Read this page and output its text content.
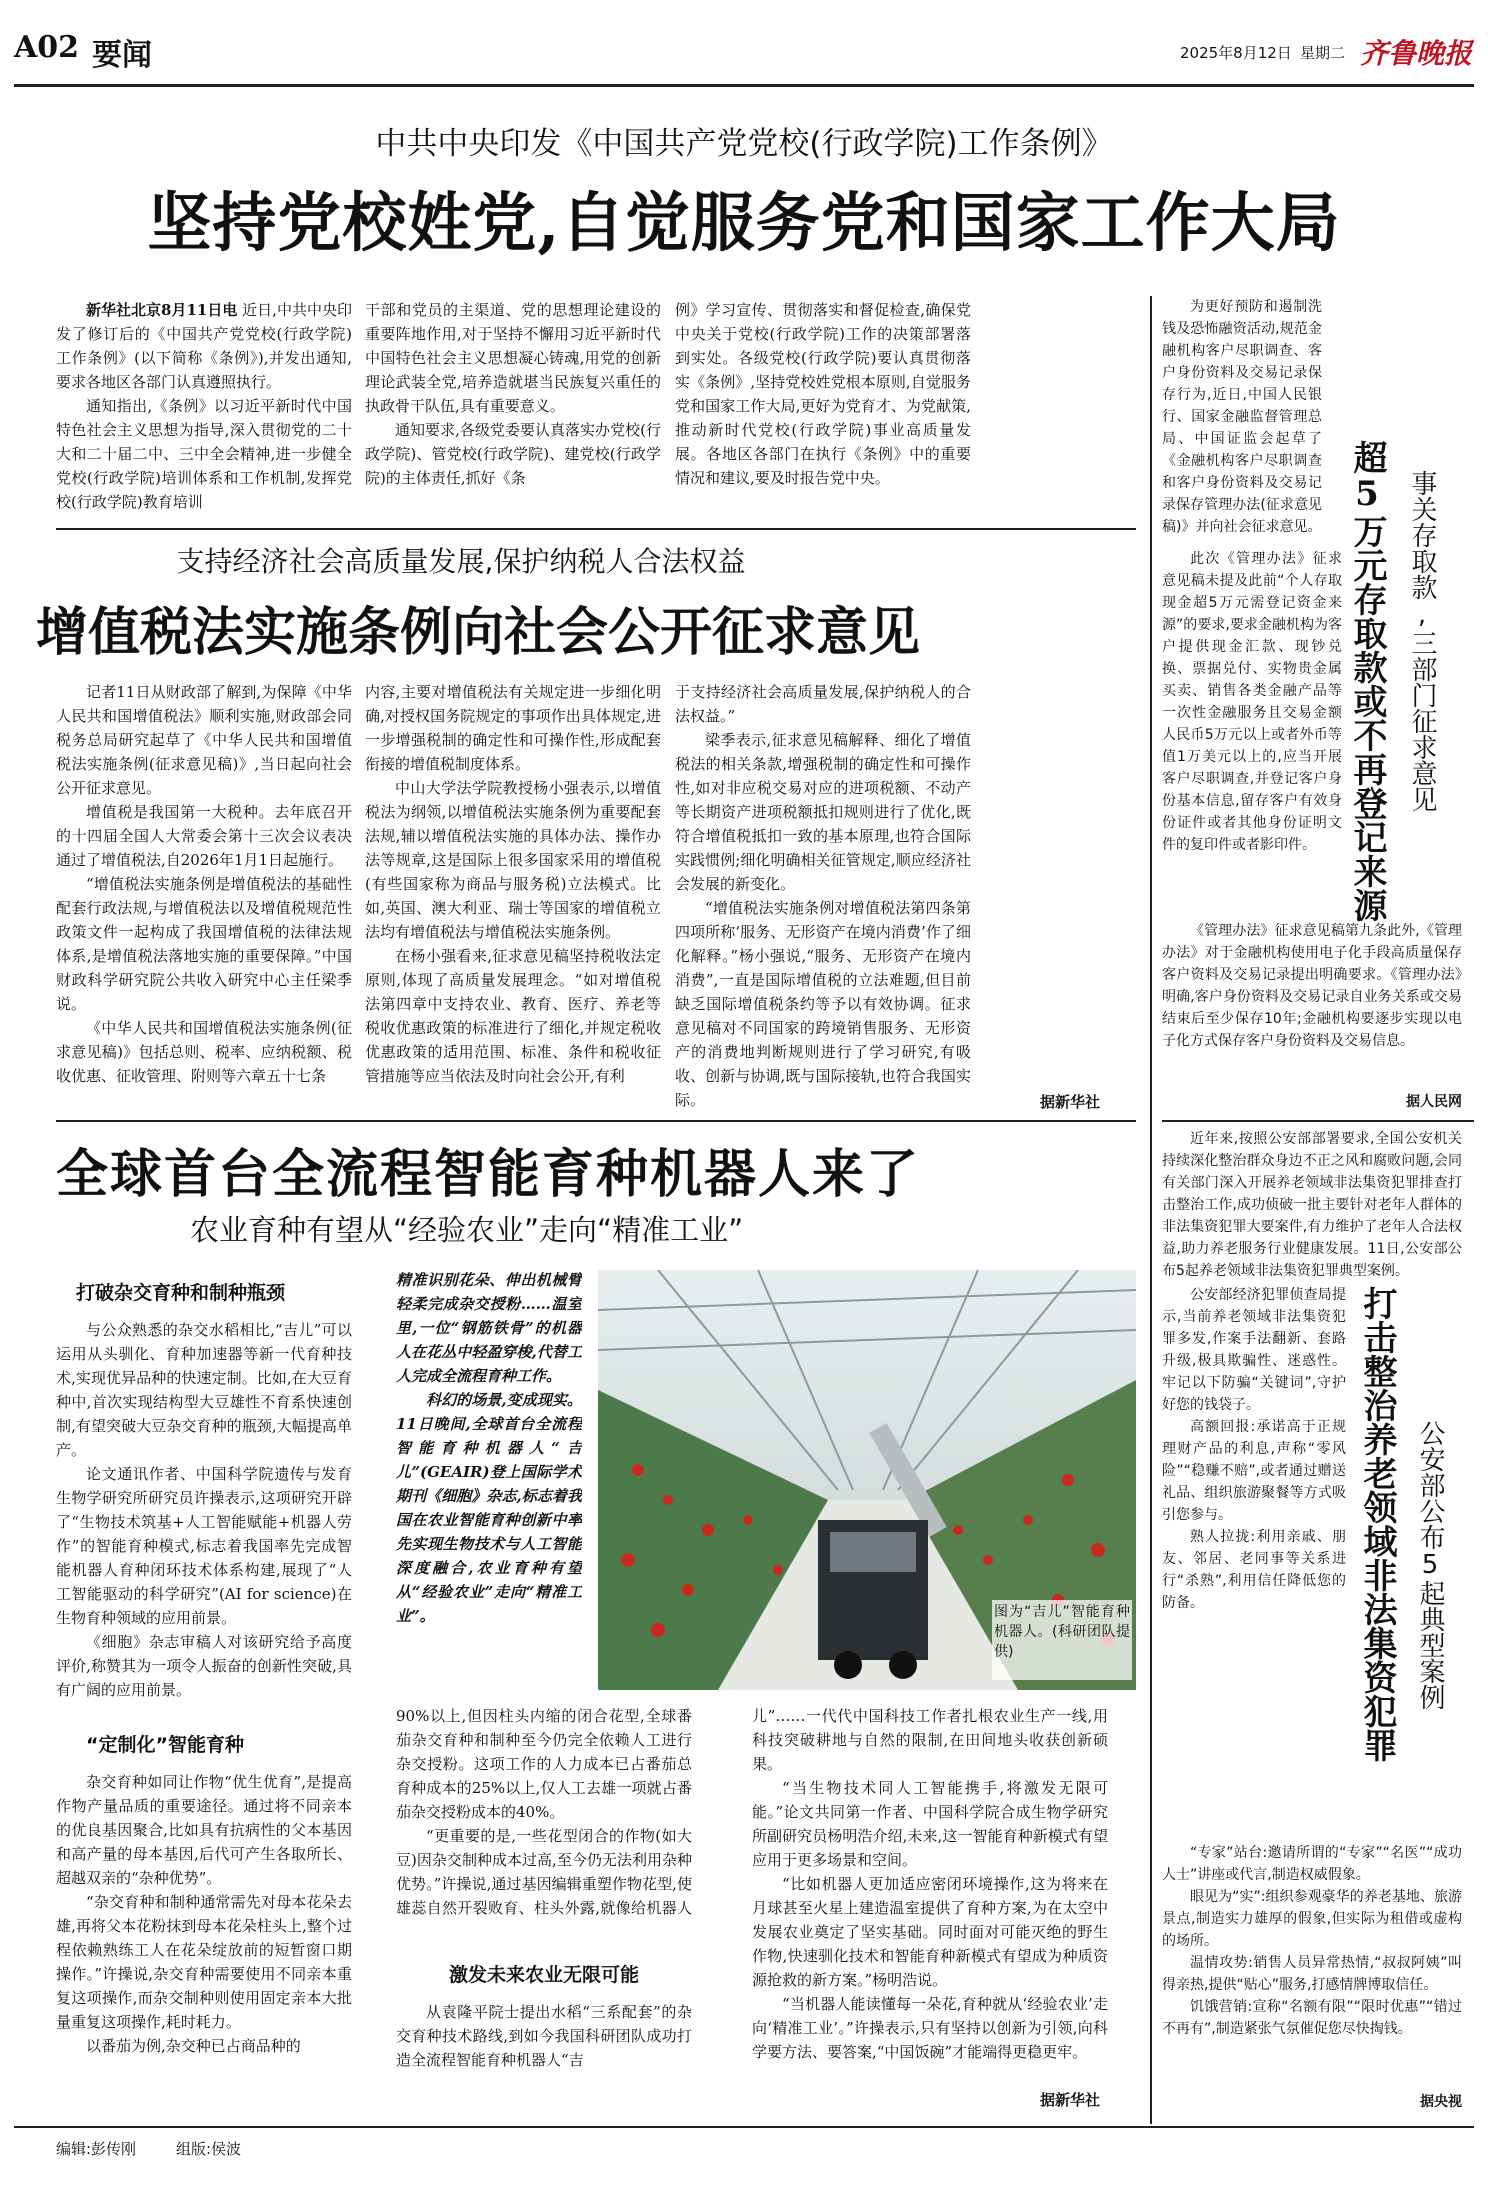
A02 要闻	2025年8月12日 星期二 齐鲁晚报
中共中央印发《中国共产党党校(行政学院)工作条例》
坚持党校姓党,自觉服务党和国家工作大局

新华社北京8月11日电 近日,中共中央印发了修订后的《中国共产党党校(行政学院)工作条例》(以下简称《条例》),并发出通知,要求各地区各部门认真遵照执行。

通知指出,《条例》以习近平新时代中国特色社会主义思想为指导,深入贯彻党的二十大和二十届二中、三中全会精神,进一步健全党校(行政学院)培训体系和工作机制,发挥党校(行政学院)教育培训

干部和党员的主渠道、党的思想理论建设的重要阵地作用,对于坚持不懈用习近平新时代中国特色社会主义思想凝心铸魂,用党的创新理论武装全党,培养造就堪当民族复兴重任的执政骨干队伍,具有重要意义。

通知要求,各级党委要认真落实办党校(行政学院)、管党校(行政学院)、建党校(行政学院)的主体责任,抓好《条

例》学习宣传、贯彻落实和督促检查,确保党中央关于党校(行政学院)工作的决策部署落到实处。各级党校(行政学院)要认真贯彻落实《条例》,坚持党校姓党根本原则,自觉服务党和国家工作大局,更好为党育才、为党献策,推动新时代党校(行政学院)事业高质量发展。各地区各部门在执行《条例》中的重要情况和建议,要及时报告党中央。

支持经济社会高质量发展,保护纳税人合法权益
增值税法实施条例向社会公开征求意见

记者11日从财政部了解到,为保障《中华人民共和国增值税法》顺利实施,财政部会同税务总局研究起草了《中华人民共和国增值税法实施条例(征求意见稿)》,当日起向社会公开征求意见。

增值税是我国第一大税种。去年底召开的十四届全国人大常委会第十三次会议表决通过了增值税法,自2026年1月1日起施行。

“增值税法实施条例是增值税法的基础性配套行政法规,与增值税法以及增值税规范性政策文件一起构成了我国增值税的法律法规体系,是增值税法落地实施的重要保障。”中国财政科学研究院公共收入研究中心主任梁季说。

《中华人民共和国增值税法实施条例(征求意见稿)》包括总则、税率、应纳税额、税收优惠、征收管理、附则等六章五十七条

内容,主要对增值税法有关规定进一步细化明确,对授权国务院规定的事项作出具体规定,进一步增强税制的确定性和可操作性,形成配套衔接的增值税制度体系。

中山大学法学院教授杨小强表示,以增值税法为纲领,以增值税法实施条例为重要配套法规,辅以增值税法实施的具体办法、操作办法等规章,这是国际上很多国家采用的增值税(有些国家称为商品与服务税)立法模式。比如,英国、澳大利亚、瑞士等国家的增值税立法均有增值税法与增值税法实施条例。

在杨小强看来,征求意见稿坚持税收法定原则,体现了高质量发展理念。“如对增值税法第四章中支持农业、教育、医疗、养老等税收优惠政策的标准进行了细化,并规定税收优惠政策的适用范围、标准、条件和税收征管措施等应当依法及时向社会公开,有利

于支持经济社会高质量发展,保护纳税人的合法权益。”

梁季表示,征求意见稿解释、细化了增值税法的相关条款,增强税制的确定性和可操作性,如对非应税交易对应的进项税额、不动产等长期资产进项税额抵扣规则进行了优化,既符合增值税抵扣一致的基本原理,也符合国际实践惯例;细化明确相关征管规定,顺应经济社会发展的新变化。

“增值税法实施条例对增值税法第四条第四项所称‘服务、无形资产在境内消费’作了细化解释。”杨小强说,“服务、无形资产在境内消费”,一直是国际增值税的立法难题,但目前缺乏国际增值税条约等予以有效协调。征求意见稿对不同国家的跨境销售服务、无形资产的消费地判断规则进行了学习研究,有吸收、创新与协调,既与国际接轨,也符合我国实际。	据新华社
全球首台全流程智能育种机器人来了
农业育种有望从“经验农业”走向“精准工业”
打破杂交育种和制种瓶颈

与公众熟悉的杂交水稻相比,“吉儿”可以运用从头驯化、育种加速器等新一代育种技术,实现优异品种的快速定制。比如,在大豆育种中,首次实现结构型大豆雄性不育系快速创制,有望突破大豆杂交育种的瓶颈,大幅提高单产。

论文通讯作者、中国科学院遗传与发育生物学研究所研究员许操表示,这项研究开辟了“生物技术筑基+人工智能赋能+机器人劳作”的智能育种模式,标志着我国率先完成智能机器人育种闭环技术体系构建,展现了“人工智能驱动的科学研究”(AI for science)在生物育种领域的应用前景。

《细胞》杂志审稿人对该研究给予高度评价,称赞其为一项令人振奋的创新性突破,具有广阔的应用前景。

“定制化”智能育种

杂交育种如同让作物“优生优育”,是提高作物产量品质的重要途径。通过将不同亲本的优良基因聚合,比如具有抗病性的父本基因和高产量的母本基因,后代可产生各取所长、超越双亲的“杂种优势”。

“杂交育种和制种通常需先对母本花朵去雄,再将父本花粉抹到母本花朵柱头上,整个过程依赖熟练工人在花朵绽放前的短暂窗口期操作。”许操说,杂交育种需要使用不同亲本重复这项操作,而杂交制种则使用固定亲本大批量重复这项操作,耗时耗力。

以番茄为例,杂交种已占商品种的

精准识别花朵、伸出机械臂轻柔完成杂交授粉……温室里,一位“钢筋铁骨”的机器人在花丛中轻盈穿梭,代替工人完成全流程育种工作。

科幻的场景,变成现实。11日晚间,全球首台全流程智能育种机器人“吉儿”(GEAIR)登上国际学术期刊《细胞》杂志,标志着我国在农业智能育种创新中率先实现生物技术与人工智能深度融合,农业育种有望从“经验农业”走向“精准工业”。	图为“吉儿”智能育种机器人。(科研团队提供)

90%以上,但因柱头内缩的闭合花型,全球番茄杂交育种和制种至今仍完全依赖人工进行杂交授粉。这项工作的人力成本已占番茄总育种成本的25%以上,仅人工去雄一项就占番茄杂交授粉成本的40%。

“更重要的是,一些花型闭合的作物(如大豆)因杂交制种成本过高,至今仍无法利用杂种优势。”许操说,通过基因编辑重塑作物花型,使雄蕊自然开裂败育、柱头外露,就像给机器人

激发未来农业无限可能

从袁隆平院士提出水稻“三系配套”的杂交育种技术路线,到如今我国科研团队成功打造全流程智能育种机器人“吉

儿”……一代代中国科技工作者扎根农业生产一线,用科技突破耕地与自然的限制,在田间地头收获创新硕果。

“当生物技术同人工智能携手,将激发无限可能。”论文共同第一作者、中国科学院合成生物学研究所副研究员杨明浩介绍,未来,这一智能育种新模式有望应用于更多场景和空间。

“比如机器人更加适应密闭环境操作,这为将来在月球甚至火星上建造温室提供了育种方案,为在太空中发展农业奠定了坚实基础。同时面对可能灭绝的野生作物,快速驯化技术和智能育种新模式有望成为种质资源抢救的新方案。”杨明浩说。

“当机器人能读懂每一朵花,育种就从‘经验农业’走向‘精准工业’。”许操表示,只有坚持以创新为引领,向科学要方法、要答案,“中国饭碗”才能端得更稳更牢。

据新华社

为更好预防和遏制洗钱及恐怖融资活动,规范金融机构客户尽职调查、客户身份资料及交易记录保存行为,近日,中国人民银行、国家金融监督管理总局、中国证监会起草了《金融机构客户尽职调查和客户身份资料及交易记录保存管理办法(征求意见稿)》并向社会征求意见。 超5万元存取款或不再登记来源 事关存取款,三部门征求意见

此次《管理办法》征求意见稿未提及此前“个人存取现金超5万元需登记资金来源”的要求,要求金融机构为客户提供现金汇款、现钞兑换、票据兑付、实物贵金属买卖、销售各类金融产品等一次性金融服务且交易金额人民币5万元以上或者外币等值1万美元以上的,应当开展客户尽职调查,并登记客户身份基本信息,留存客户有效身份证件或者其他身份证明文件的复印件或者影印件。

《管理办法》征求意见稿第九条此外,《管理办法》对于金融机构使用电子化手段高质量保存客户资料及交易记录提出明确要求。《管理办法》明确,客户身份资料及交易记录自业务关系或交易结束后至少保存10年;金融机构要逐步实现以电子化方式保存客户身份资料及交易信息。

据人民网

近年来,按照公安部部署要求,全国公安机关持续深化整治群众身边不正之风和腐败问题,会同有关部门深入开展养老领域非法集资犯罪排查打击整治工作,成功侦破一批主要针对老年人群体的非法集资犯罪大要案件,有力维护了老年人合法权益,助力养老服务行业健康发展。11日,公安部公布5起养老领域非法集资犯罪典型案例。

打击整治养老领域非法集资犯罪 公安部公布5起典型案例

公安部经济犯罪侦查局提示,当前养老领域非法集资犯罪多发,作案手法翻新、套路升级,极具欺骗性、迷惑性。牢记以下防骗“关键词”,守护好您的钱袋子。

高额回报:承诺高于正规理财产品的利息,声称“零风险”“稳赚不赔”,或者通过赠送礼品、组织旅游聚餐等方式吸引您参与。

熟人拉拢:利用亲戚、朋友、邻居、老同事等关系进行“杀熟”,利用信任降低您的防备。

“专家”站台:邀请所谓的“专家”“名医”“成功人士”讲座或代言,制造权威假象。

眼见为“实”:组织参观豪华的养老基地、旅游景点,制造实力雄厚的假象,但实际为租借或虚构的场所。

温情攻势:销售人员异常热情,“叔叔阿姨”叫得亲热,提供“贴心”服务,打感情牌博取信任。

饥饿营销:宣称“名额有限”“限时优惠”“错过不再有”,制造紧张气氛催促您尽快掏钱。

据央视
编辑:彭传刚	组版:侯波
